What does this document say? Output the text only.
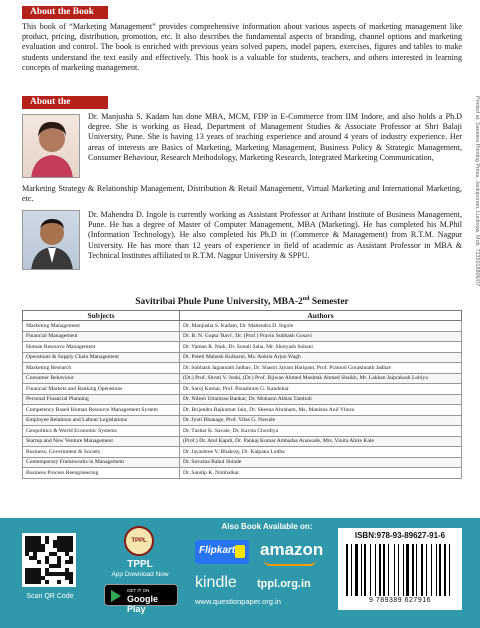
About the Book

This book of “Marketing Management” provides comprehensive information about various aspects of marketing management like product, pricing, distribution, promotion, etc. It also describes the fundamental aspects of branding, channel options and marketing evaluation and control. The book is enriched with previous years solved papers, model papers, exercises, figures and tables to make students understand the text easily and effectively. This book is a valuable for students, teachers, and others interested in learning concepts of marketing management.

About the

Dr. Manjusha S. Kadam has done MBA, MCM, FDP in E-Commerce from IIM Indore, and also holds a Ph.D degree. She is working as Head, Department of Management Studies & Associate Professor at Shri Balaji University, Pune. She is having 13 years of teaching experience and around 4 years of industry experience. Her areas of interests are Basics of Marketing, Marketing Management, Business Policy & Strategic Management, Consumer Behaviour, Research Methodology, Marketing Research, Integrated Marketing Communication,

Marketing Strategy & Relationship Management, Distribution & Retail Management, Virtual Marketing and International Marketing, etc.

Dr. Mahendra D. Ingole is currently working as Assistant Professor at Arihant Institute of Business Management, Pune. He has a degree of Master of Computer Management, MBA (Marketing). He has completed his M.Phil (Information Technology). He also completed his Ph.D in (Commerce & Management) from R.T.M. Nagpur University. He has more than 12 years of experience in field of academic as Assistant Professor in MBA & Technical Institutes affiliated to R.T.M. Nagpur University & SPPU.

Savitribai Phule Pune University, MBA-2nd Semester
Subjects	Authors
Marketing Management	Dr. Manjusha S. Kadam, Dr. Mahendra D. Ingole
Financial Management	Dr. B. N. Gupta 'Ravi', Dr. (Prof.) Pravin Subhash Gosavi
Human Resource Management	Dr. Vaman R. Naik, Dr. Sonali Saha, Mr. Shreyash Sohani
Operations & Supply Chain Management	Dr. Preeti Mahesh Kulkarni, Ms. Ankita Arjun Wagh
Marketing Research	Dr. Subhash Jagannath Jadhav, Dr. Shastri Jayant Haripant, Prof. Pramod Gorakhnath Jadhav
Consumer Behaviour	(Dr.) Prof. Shruti V. Joshi, (Dr.) Prof. Rijwan Ahmed Mushtak Ahmed Shaikh, Mr. Lakhan Jaiprakash Lohiya
Financial Markets and Banking Operations	Dr. Saroj Kumar, Prof. Parashram G. Kandekar
Personal Financial Planning	Dr. Nilesh Uttamrao Bankar, Dr. Mohasin Abbas Tamboli
Competency Based Human Resource Management System	Dr. Brijendra Rajkumar Jain, Dr. Sheena Abraham, Ms. Manisha Anil Vhora
Employee Relations and Labour Legislations	Dr. Jyoti Bhanage, Prof. Vilas G. Nawale
Geopolitics & World Economic Systems	Dr. Tushar K. Savale, Dr. Kavita Chordiya
Startup and New Venture Management	(Prof.) Dr. Atul Kapdi, Dr. Pankaj Kumar Ambadas Anawade, Mrs. Vinita Ahire Kale
Business, Government & Society	Dr. Jayashree V. Bhakray, Dr. Kalpana Lodha
Contemporary Frameworks in Management	Dr. Suvarna Rahul Shinde
Business Process Reengineering	Dr. Sandip K. Nimbalkar
Printed at: Saveera Printing Press, Jankipuram, Lucknow. Mob. 7235018806/07
Scan QR Code
TPPL
TPPL
App Download Now
GET IT ON
Google Play
Also Book Available on:
Flipkart amazon
kindle tppl.org.in
www.questionpaper.org.in
ISBN:978-93-89627-91-6
9 789389 627916
